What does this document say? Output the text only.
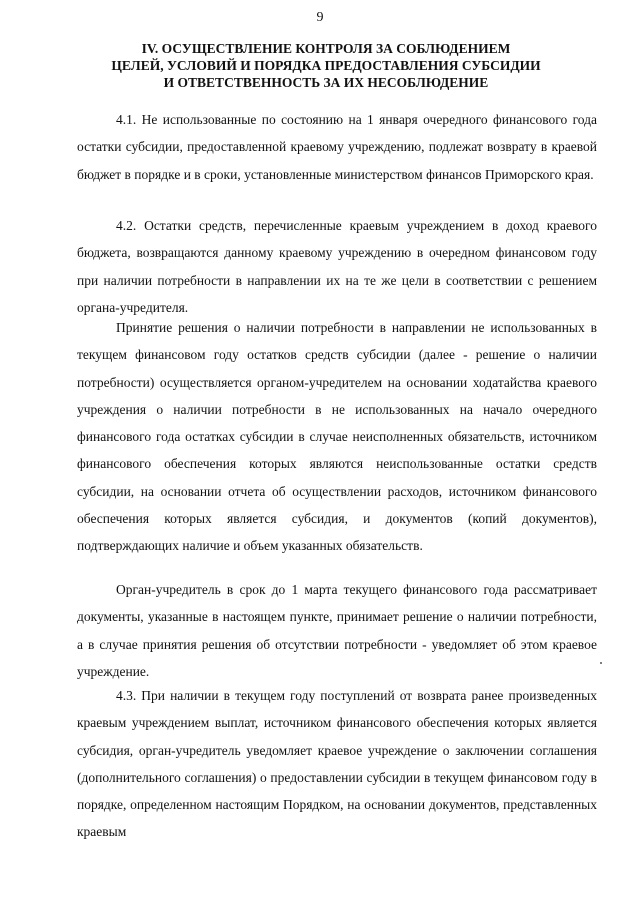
9
IV. ОСУЩЕСТВЛЕНИЕ КОНТРОЛЯ ЗА СОБЛЮДЕНИЕМ
ЦЕЛЕЙ, УСЛОВИЙ И ПОРЯДКА ПРЕДОСТАВЛЕНИЯ СУБСИДИИ
И ОТВЕТСТВЕННОСТЬ ЗА ИХ НЕСОБЛЮДЕНИЕ

4.1. Не использованные по состоянию на 1 января очередного финансового года остатки субсидии, предоставленной краевому учреждению, подлежат возврату в краевой бюджет в порядке и в сроки, установленные министерством финансов Приморского края.

4.2. Остатки средств, перечисленные краевым учреждением в доход краевого бюджета, возвращаются данному краевому учреждению в очередном финансовом году при наличии потребности в направлении их на те же цели в соответствии с решением органа-учредителя.

Принятие решения о наличии потребности в направлении не использованных в текущем финансовом году остатков средств субсидии (далее - решение о наличии потребности) осуществляется органом-учредителем на основании ходатайства краевого учреждения о наличии потребности в не использованных на начало очередного финансового года остатках субсидии в случае неисполненных обязательств, источником финансового обеспечения которых являются неиспользованные остатки средств субсидии, на основании отчета об осуществлении расходов, источником финансового обеспечения которых является субсидия, и документов (копий документов), подтверждающих наличие и объем указанных обязательств.

Орган-учредитель в срок до 1 марта текущего финансового года рассматривает документы, указанные в настоящем пункте, принимает решение о наличии потребности, а в случае принятия решения об отсутствии потребности - уведомляет об этом краевое учреждение.

4.3. При наличии в текущем году поступлений от возврата ранее произведенных краевым учреждением выплат, источником финансового обеспечения которых является субсидия, орган-учредитель уведомляет краевое учреждение о заключении соглашения (дополнительного соглашения) о предоставлении субсидии в текущем финансовом году в порядке, определенном настоящим Порядком, на основании документов, представленных краевым
